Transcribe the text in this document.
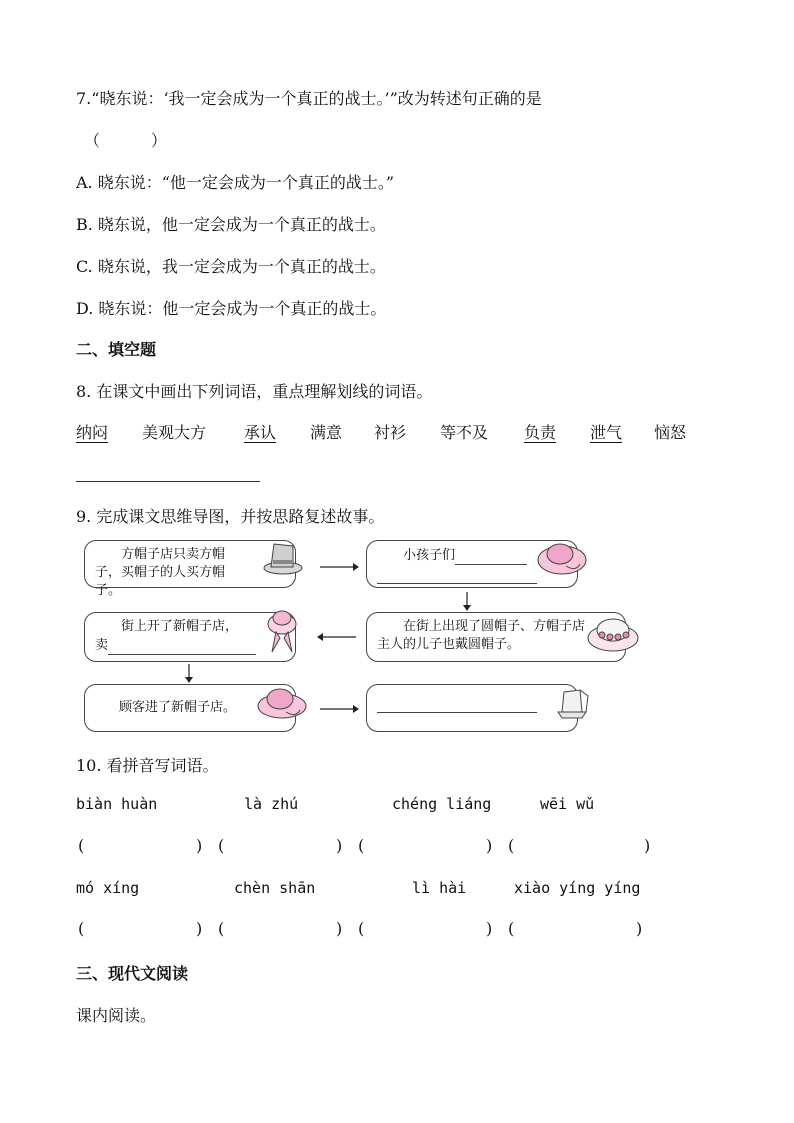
7.“晓东说：‘我一定会成为一个真正的战士。’”改为转述句正确的是
（          ）
A. 晓东说：“他一定会成为一个真正的战士。”
B. 晓东说，他一定会成为一个真正的战士。
C. 晓东说，我一定会成为一个真正的战士。
D. 晓东说：他一定会成为一个真正的战士。
二、填空题
8. 在课文中画出下列词语，重点理解划线的词语。
纳闷 美观大方 承认 满意 衬衫 等不及 负责 泄气 恼怒
9. 完成课文思维导图，并按思路复述故事。
方帽子店只卖方帽子，买帽子的人买方帽子。
小孩子们

在街上出现了圆帽子、方帽子店主人的儿子也戴圆帽子。
街上开了新帽子店，
卖
顾客进了新帽子店。

10. 看拼音写词语。
biàn huàn	là zhú	chéng liáng	wēi wǔ
(	) (	) (	) (	)
mó xíng	chèn shān	lì hài	xiào yíng yíng
(	) (	) (	) (	)
三、现代文阅读
课内阅读。
